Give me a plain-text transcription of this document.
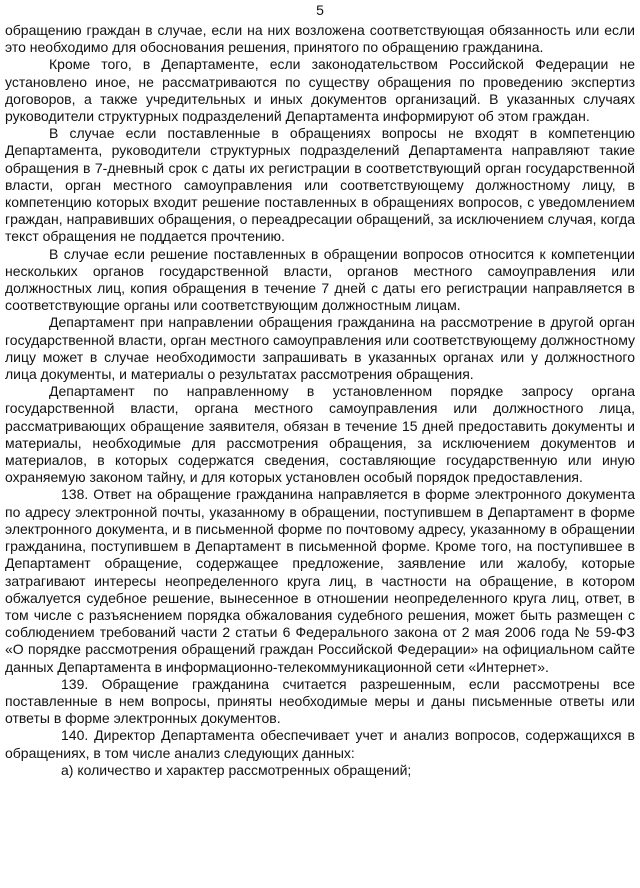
5

обращению граждан в случае, если на них возложена соответствующая обязанность или если это необходимо для обоснования решения, принятого по обращению гражданина.

Кроме того, в Департаменте, если законодательством Российской Федерации не установлено иное, не рассматриваются по существу обращения по проведению экспертиз договоров, а также учредительных и иных документов организаций. В указанных случаях руководители структурных подразделений Департамента информируют об этом граждан.

В случае если поставленные в обращениях вопросы не входят в компетенцию Департамента, руководители структурных подразделений Департамента направляют такие обращения в 7-дневный срок с даты их регистрации в соответствующий орган государственной власти, орган местного самоуправления или соответствующему должностному лицу, в компетенцию которых входит решение поставленных в обращениях вопросов, с уведомлением граждан, направивших обращения, о переадресации обращений, за исключением случая, когда текст обращения не поддается прочтению.

В случае если решение поставленных в обращении вопросов относится к компетенции нескольких органов государственной власти, органов местного самоуправления или должностных лиц, копия обращения в течение 7 дней с даты его регистрации направляется в соответствующие органы или соответствующим должностным лицам.

Департамент при направлении обращения гражданина на рассмотрение в другой орган государственной власти, орган местного самоуправления или соответствующему должностному лицу может в случае необходимости запрашивать в указанных органах или у должностного лица документы, и материалы о результатах рассмотрения обращения.

Департамент по направленному в установленном порядке запросу органа государственной власти, органа местного самоуправления или должностного лица, рассматривающих обращение заявителя, обязан в течение 15 дней предоставить документы и материалы, необходимые для рассмотрения обращения, за исключением документов и материалов, в которых содержатся сведения, составляющие государственную или иную охраняемую законом тайну, и для которых установлен особый порядок предоставления.

138. Ответ на обращение гражданина направляется в форме электронного документа по адресу электронной почты, указанному в обращении, поступившем в Департамент в форме электронного документа, и в письменной форме по почтовому адресу, указанному в обращении гражданина, поступившем в Департамент в письменной форме. Кроме того, на поступившее в Департамент обращение, содержащее предложение, заявление или жалобу, которые затрагивают интересы неопределенного круга лиц, в частности на обращение, в котором обжалуется судебное решение, вынесенное в отношении неопределенного круга лиц, ответ, в том числе с разъяснением порядка обжалования судебного решения, может быть размещен с соблюдением требований части 2 статьи 6 Федерального закона от 2 мая 2006 года № 59-ФЗ «О порядке рассмотрения обращений граждан Российской Федерации» на официальном сайте данных Департамента в информационно-телекоммуникационной сети «Интернет».

139. Обращение гражданина считается разрешенным, если рассмотрены все поставленные в нем вопросы, приняты необходимые меры и даны письменные ответы или ответы в форме электронных документов.

140. Директор Департамента обеспечивает учет и анализ вопросов, содержащихся в обращениях, в том числе анализ следующих данных:

а) количество и характер рассмотренных обращений;
